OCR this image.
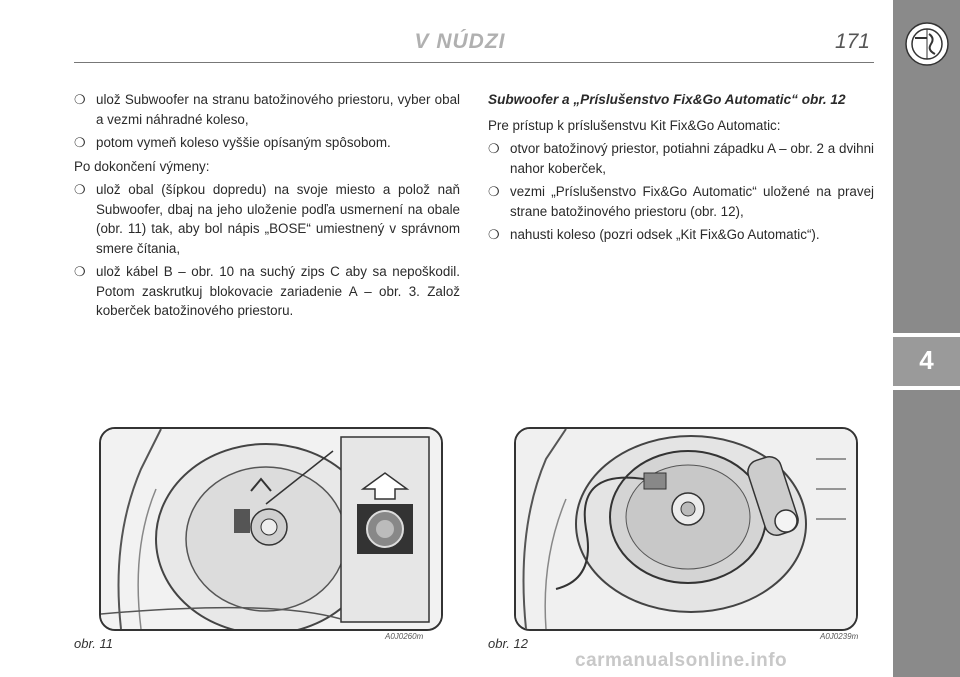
V NÚDZI	171
4
❍ ulož Subwoofer na stranu batožinového priestoru, vyber obal a vezmi náhradné koleso,
❍ potom vymeň koleso vyššie opísaným spôsobom.

Po dokončení výmeny:

❍ ulož obal (šípkou dopredu) na svoje miesto a polož naň Subwoofer, dbaj na jeho uloženie podľa usmernení na obale (obr. 11) tak, aby bol nápis „BOSE“ umiestnený v správnom smere čítania,
❍ ulož kábel B – obr. 10 na suchý zips C aby sa nepoškodil. Potom zaskrutkuj blokovacie zariadenie A – obr. 3. Založ koberček batožinového priestoru.

Subwoofer a „Príslušenstvo Fix&Go Automatic“ obr. 12

Pre prístup k príslušenstvu Kit Fix&Go Automatic:

❍ otvor batožinový priestor, potiahni západku A – obr. 2 a dvihni nahor koberček,
❍ vezmi „Príslušenstvo Fix&Go Automatic“ uložené na pravej strane batožinového priestoru (obr. 12),
❍ nahusti koleso (pozri odsek „Kit Fix&Go Automatic“).
obr. 11	A0J0260m	obr. 12	A0J0239m
carmanualsonline.info
